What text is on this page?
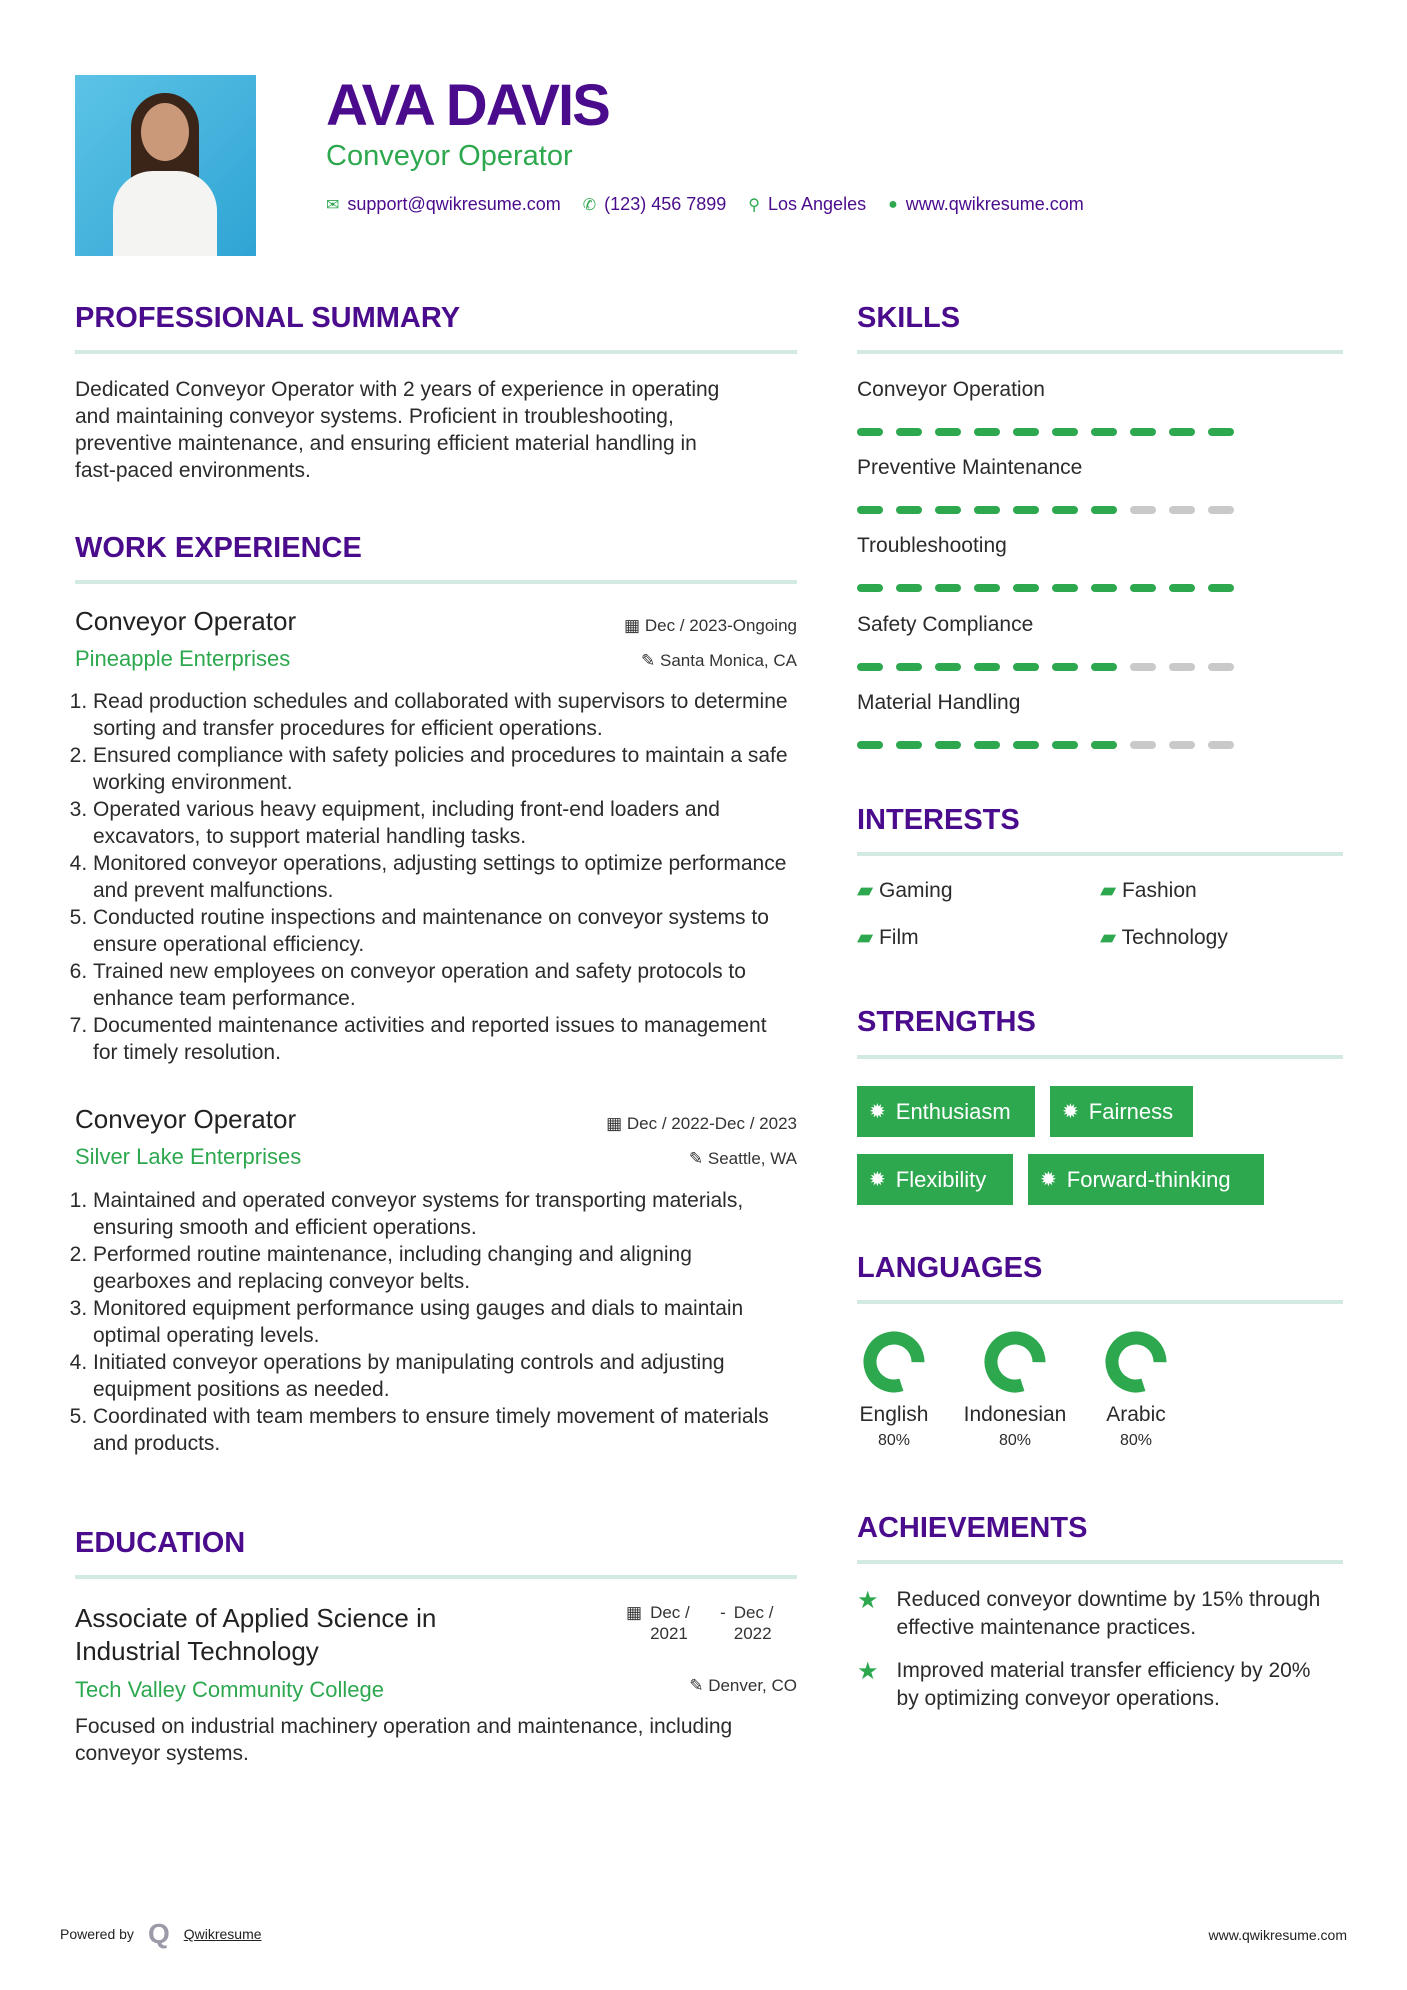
AVA DAVIS
Conveyor Operator
✉ support@qwikresume.com ✆ (123) 456 7899 ⚲ Los Angeles ● www.qwikresume.com
PROFESSIONAL SUMMARY
Dedicated Conveyor Operator with 2 years of experience in operating
and maintaining conveyor systems. Proficient in troubleshooting,
preventive maintenance, and ensuring efficient material handling in
fast-paced environments.
WORK EXPERIENCE
Conveyor Operator	▦ Dec / 2023-Ongoing
Pineapple Enterprises	✎ Santa Monica, CA
1. Read production schedules and collaborated with supervisors to determine sorting and transfer procedures for efficient operations.
2. Ensured compliance with safety policies and procedures to maintain a safe working environment.
3. Operated various heavy equipment, including front-end loaders and excavators, to support material handling tasks.
4. Monitored conveyor operations, adjusting settings to optimize performance and prevent malfunctions.
5. Conducted routine inspections and maintenance on conveyor systems to ensure operational efficiency.
6. Trained new employees on conveyor operation and safety protocols to enhance team performance.
7. Documented maintenance activities and reported issues to management for timely resolution.
Conveyor Operator	▦ Dec / 2022-Dec / 2023
Silver Lake Enterprises	✎ Seattle, WA
1. Maintained and operated conveyor systems for transporting materials, ensuring smooth and efficient operations.
2. Performed routine maintenance, including changing and aligning gearboxes and replacing conveyor belts.
3. Monitored equipment performance using gauges and dials to maintain optimal operating levels.
4. Initiated conveyor operations by manipulating controls and adjusting equipment positions as needed.
5. Coordinated with team members to ensure timely movement of materials and products.
EDUCATION
Associate of Applied Science in Industrial Technology
▦ Dec / 2021
- Dec / 2022
Tech Valley Community College	✎ Denver, CO
Focused on industrial machinery operation and maintenance, including conveyor systems.
SKILLS
Conveyor Operation
Preventive Maintenance
Troubleshooting
Safety Compliance
Material Handling
INTERESTS
▰ Gaming	▰ Fashion
▰ Film	▰ Technology
STRENGTHS
✹ Enthusiasm	✹ Fairness
✹ Flexibility	✹ Forward-thinking
LANGUAGES
English
80%
Indonesian
80%
Arabic
80%
ACHIEVEMENTS
★ Reduced conveyor downtime by 15% through effective maintenance practices.
★ Improved material transfer efficiency by 20% by optimizing conveyor operations.
Powered by Q Qwikresume	www.qwikresume.com
